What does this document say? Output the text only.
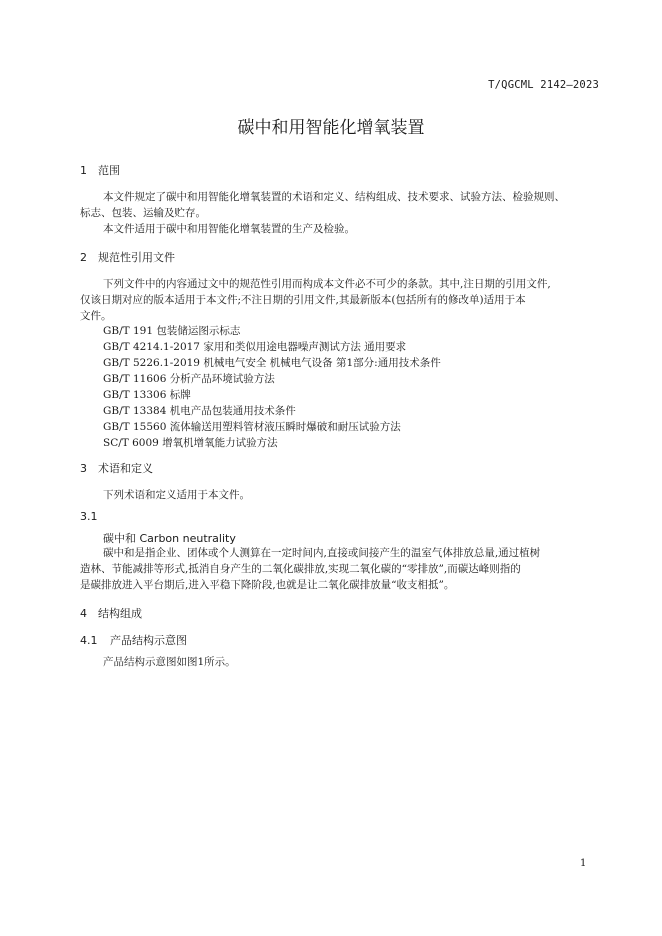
T/QGCML 2142—2023
碳中和用智能化增氧装置
1 范围
本文件规定了碳中和用智能化增氧装置的术语和定义、结构组成、技术要求、试验方法、检验规则、
标志、包装、运输及贮存。
本文件适用于碳中和用智能化增氧装置的生产及检验。
2 规范性引用文件
下列文件中的内容通过文中的规范性引用而构成本文件必不可少的条款。其中,注日期的引用文件,
仅该日期对应的版本适用于本文件;不注日期的引用文件,其最新版本(包括所有的修改单)适用于本
文件。
GB/T 191 包装储运图示标志
GB/T 4214.1-2017 家用和类似用途电器噪声测试方法 通用要求
GB/T 5226.1-2019 机械电气安全 机械电气设备 第1部分:通用技术条件
GB/T 11606 分析产品环境试验方法
GB/T 13306 标牌
GB/T 13384 机电产品包装通用技术条件
GB/T 15560 流体输送用塑料管材液压瞬时爆破和耐压试验方法
SC/T 6009 增氧机增氧能力试验方法
3 术语和定义
下列术语和定义适用于本文件。
3.1
碳中和 Carbon neutrality
碳中和是指企业、团体或个人测算在一定时间内,直接或间接产生的温室气体排放总量,通过植树
造林、节能减排等形式,抵消自身产生的二氧化碳排放,实现二氧化碳的“零排放”,而碳达峰则指的
是碳排放进入平台期后,进入平稳下降阶段,也就是让二氧化碳排放量“收支相抵”。
4 结构组成
4.1 产品结构示意图
产品结构示意图如图1所示。
1
